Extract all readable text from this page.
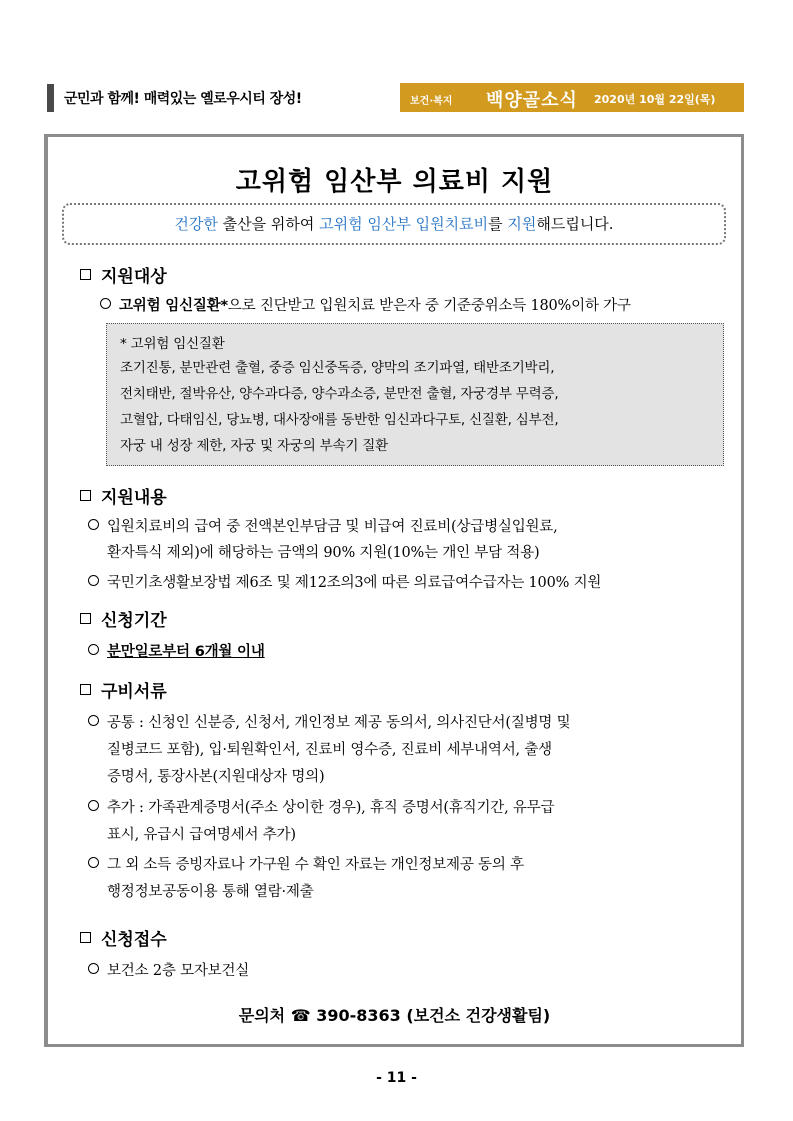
군민과 함께! 매력있는 옐로우시티 장성!	보건·복지 백양골소식 2020년 10월 22일(목)
고위험 임산부 의료비 지원
건강한 출산을 위하여 고위험 임산부 입원치료비를 지원해드립니다.
지원대상
고위험 임신질환*으로 진단받고 입원치료 받은자 중 기준중위소득 180%이하 가구
* 고위험 임신질환
조기진통, 분만관련 출혈, 중증 임신중독증, 양막의 조기파열, 태반조기박리,
전치태반, 절박유산, 양수과다증, 양수과소증, 분만전 출혈, 자궁경부 무력증,
고혈압, 다태임신, 당뇨병, 대사장애를 동반한 임신과다구토, 신질환, 심부전,
자궁 내 성장 제한, 자궁 및 자궁의 부속기 질환
지원내용
입원치료비의 급여 중 전액본인부담금 및 비급여 진료비(상급병실입원료,
환자특식 제외)에 해당하는 금액의 90% 지원(10%는 개인 부담 적용)
국민기초생활보장법 제6조 및 제12조의3에 따른 의료급여수급자는 100% 지원
신청기간
분만일로부터 6개월 이내
구비서류
공통 : 신청인 신분증, 신청서, 개인정보 제공 동의서, 의사진단서(질병명 및
질병코드 포함), 입·퇴원확인서, 진료비 영수증, 진료비 세부내역서, 출생
증명서, 통장사본(지원대상자 명의)
추가 : 가족관계증명서(주소 상이한 경우), 휴직 증명서(휴직기간, 유무급
표시, 유급시 급여명세서 추가)
그 외 소득 증빙자료나 가구원 수 확인 자료는 개인정보제공 동의 후
행정정보공동이용 통해 열람·제출
신청접수
보건소 2층 모자보건실
문의처 ☎ 390-8363 (보건소 건강생활팀)
- 11 -
